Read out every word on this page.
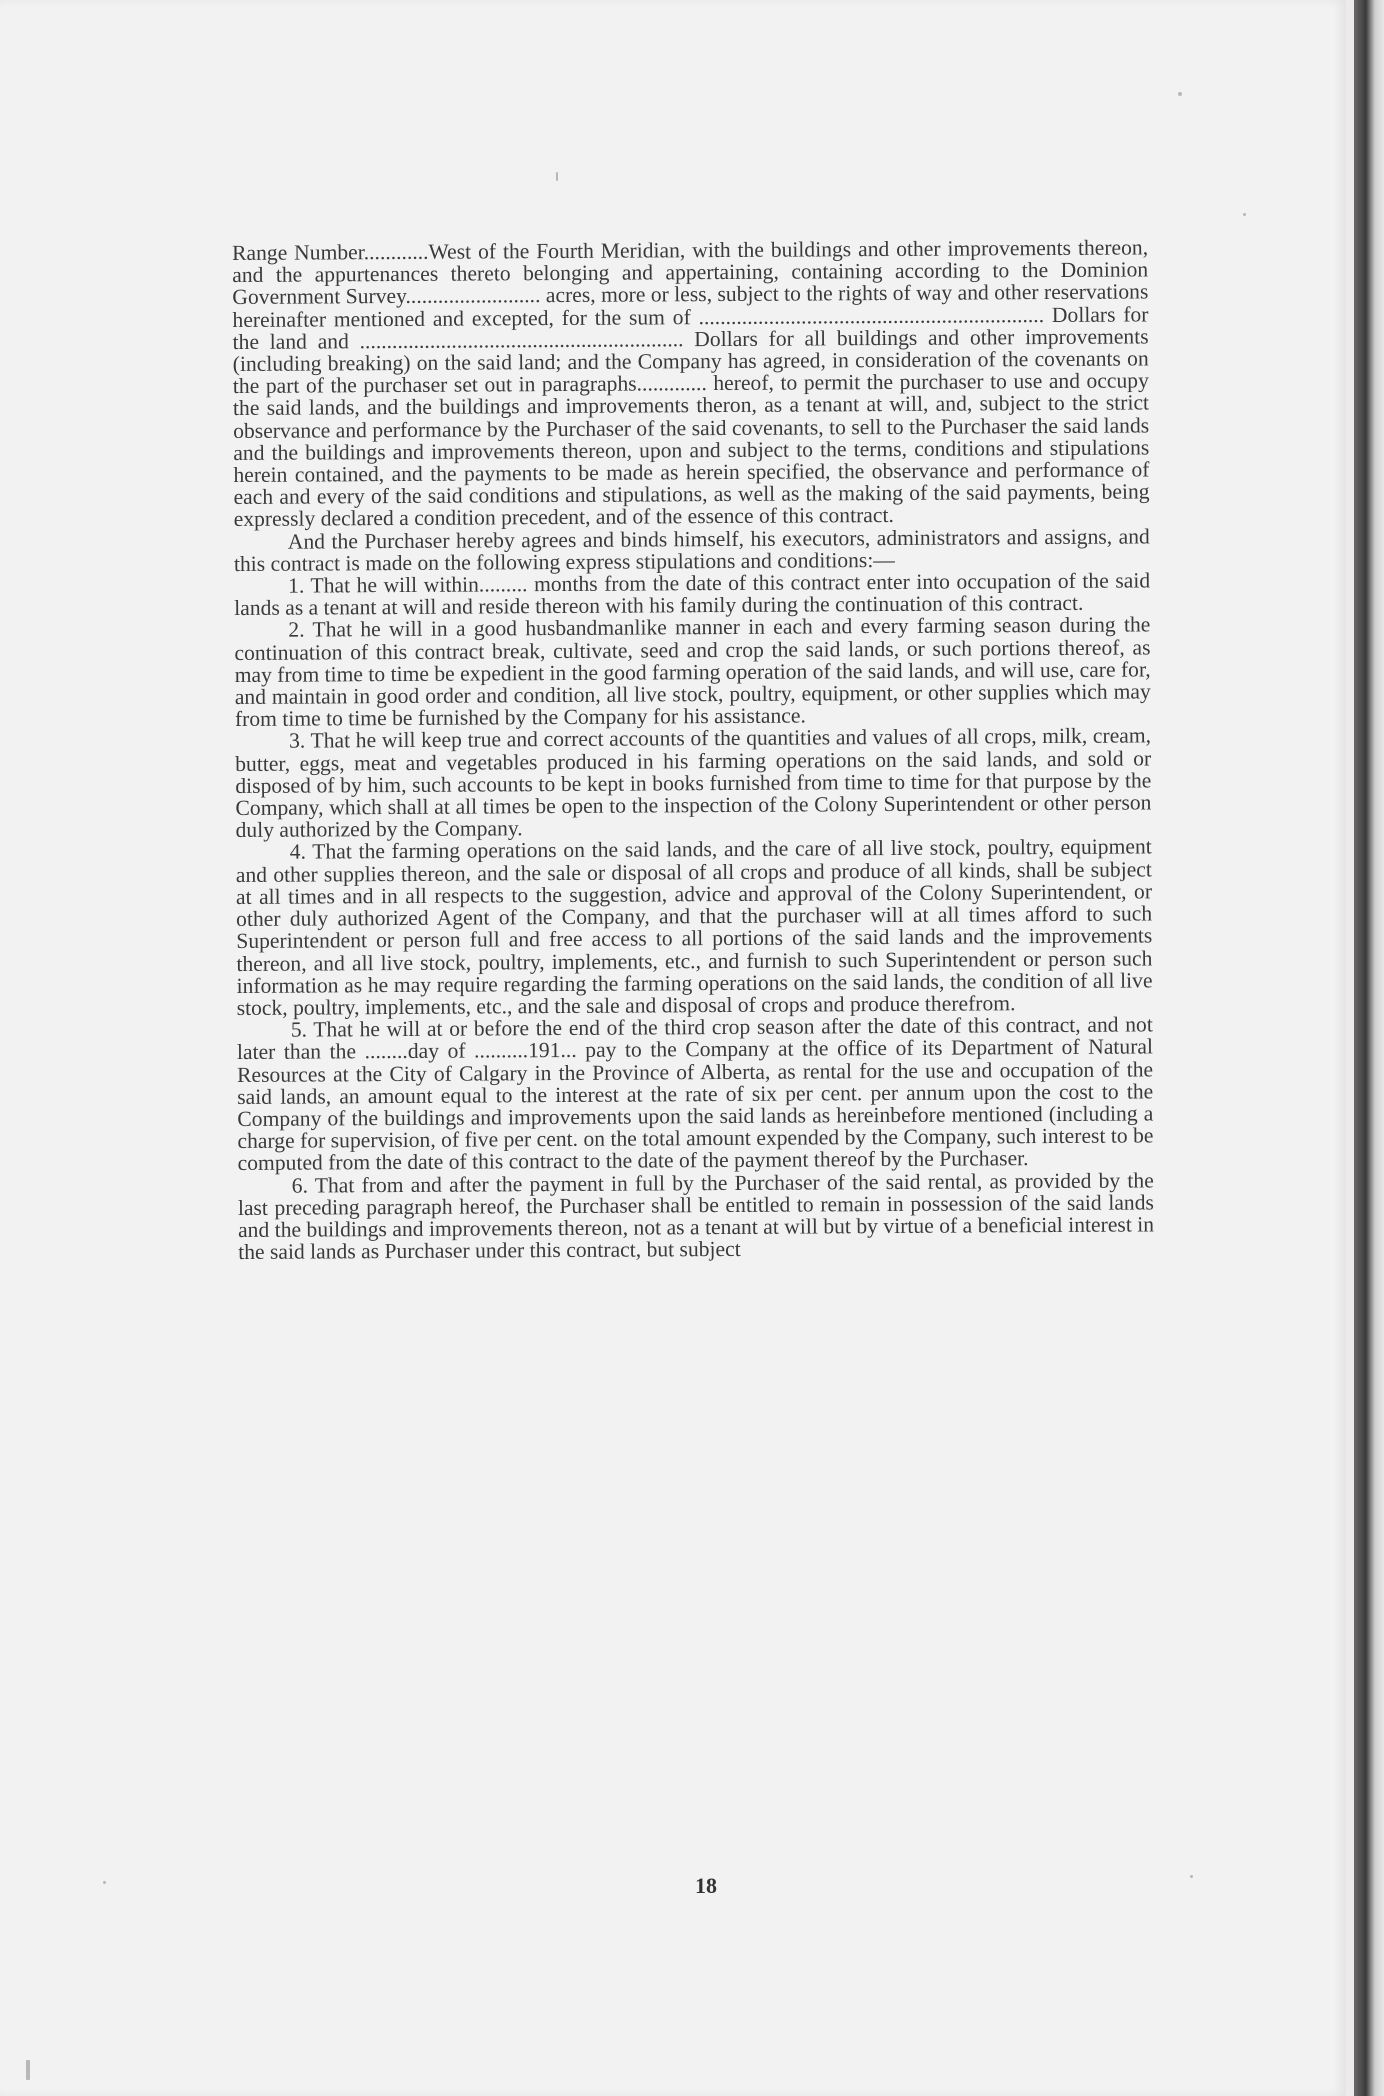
Range Number............West of the Fourth Meridian, with the buildings and other improvements thereon, and the appurtenances thereto belonging and appertaining, containing according to the Dominion Government Survey......................... acres, more or less, subject to the rights of way and other reservations hereinafter mentioned and excepted, for the sum of ................................................................ Dollars for the land and ............................................................ Dollars for all buildings and other improvements (including breaking) on the said land; and the Company has agreed, in consideration of the covenants on the part of the purchaser set out in paragraphs............. hereof, to permit the purchaser to use and occupy the said lands, and the buildings and improvements theron, as a tenant at will, and, subject to the strict observance and performance by the Purchaser of the said covenants, to sell to the Purchaser the said lands and the buildings and improvements thereon, upon and subject to the terms, conditions and stipulations herein contained, and the payments to be made as herein specified, the observance and performance of each and every of the said conditions and stipulations, as well as the making of the said payments, being expressly declared a condition precedent, and of the essence of this contract.

And the Purchaser hereby agrees and binds himself, his executors, administrators and assigns, and this contract is made on the following express stipulations and conditions:—

1. That he will within......... months from the date of this contract enter into occupation of the said lands as a tenant at will and reside thereon with his family during the continuation of this contract.

2. That he will in a good husbandmanlike manner in each and every farming season during the continuation of this contract break, cultivate, seed and crop the said lands, or such portions thereof, as may from time to time be expedient in the good farming operation of the said lands, and will use, care for, and maintain in good order and condition, all live stock, poultry, equipment, or other supplies which may from time to time be furnished by the Company for his assistance.

3. That he will keep true and correct accounts of the quantities and values of all crops, milk, cream, butter, eggs, meat and vegetables produced in his farming operations on the said lands, and sold or disposed of by him, such accounts to be kept in books furnished from time to time for that purpose by the Company, which shall at all times be open to the inspection of the Colony Superintendent or other person duly authorized by the Company.

4. That the farming operations on the said lands, and the care of all live stock, poultry, equipment and other supplies thereon, and the sale or disposal of all crops and produce of all kinds, shall be subject at all times and in all respects to the suggestion, advice and approval of the Colony Superintendent, or other duly authorized Agent of the Company, and that the purchaser will at all times afford to such Superintendent or person full and free access to all portions of the said lands and the improvements thereon, and all live stock, poultry, implements, etc., and furnish to such Superintendent or person such information as he may require regarding the farming operations on the said lands, the condition of all live stock, poultry, implements, etc., and the sale and disposal of crops and produce therefrom.

5. That he will at or before the end of the third crop season after the date of this contract, and not later than the ........day of ..........191... pay to the Company at the office of its Department of Natural Resources at the City of Calgary in the Province of Alberta, as rental for the use and occupation of the said lands, an amount equal to the interest at the rate of six per cent. per annum upon the cost to the Company of the buildings and improvements upon the said lands as hereinbefore mentioned (including a charge for supervision, of five per cent. on the total amount expended by the Company, such interest to be computed from the date of this contract to the date of the payment thereof by the Purchaser.

6. That from and after the payment in full by the Purchaser of the said rental, as provided by the last preceding paragraph hereof, the Purchaser shall be entitled to remain in possession of the said lands and the buildings and improvements thereon, not as a tenant at will but by virtue of a beneficial interest in the said lands as Purchaser under this contract, but subject

18
